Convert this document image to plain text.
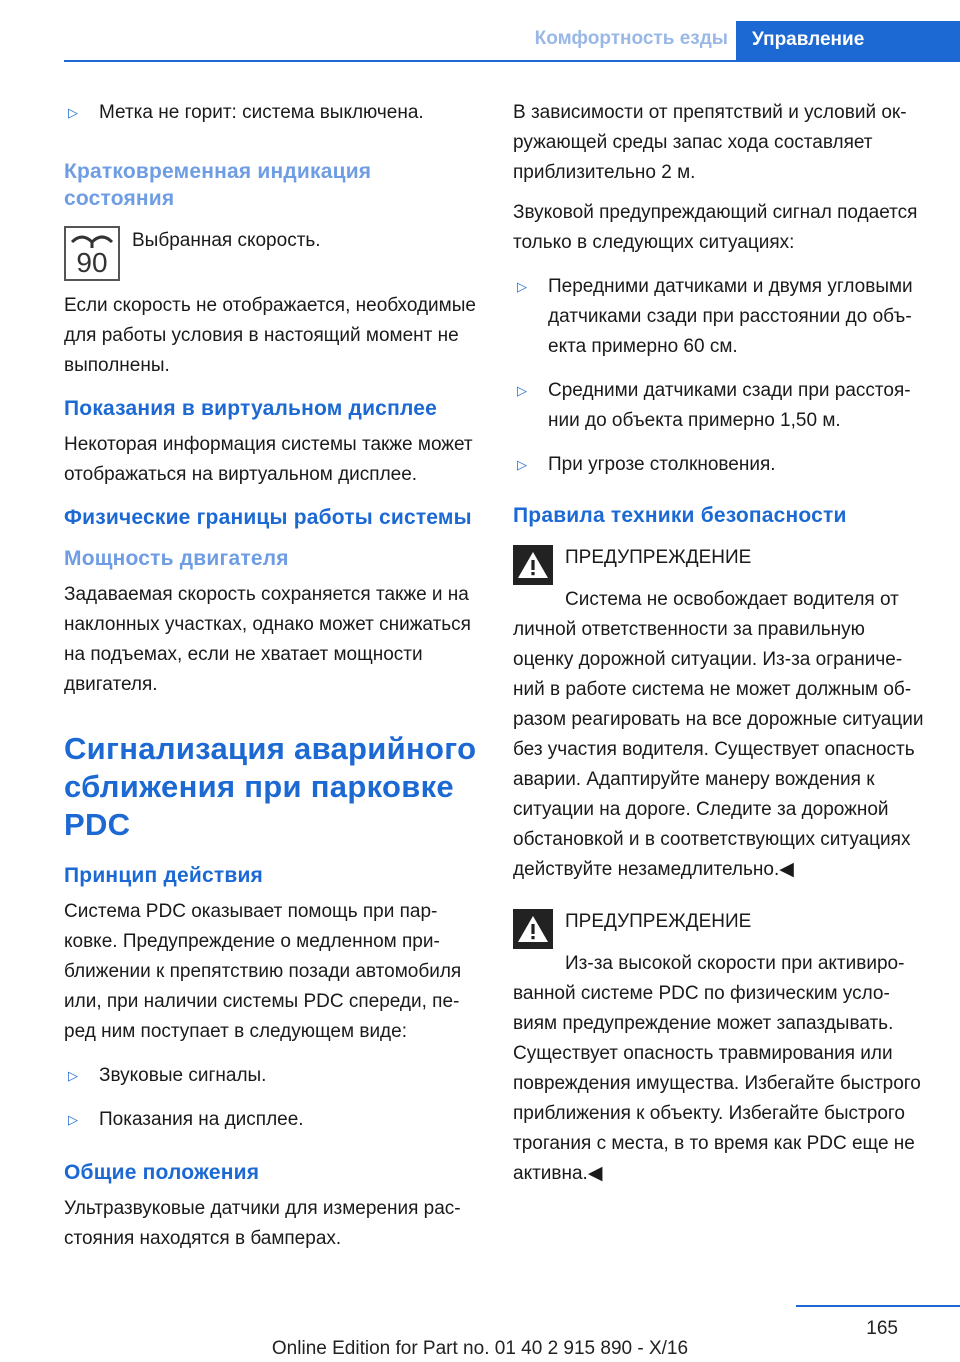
Комфортность езды	Управление
▷	Метка не горит: система выключена.
Кратковременная индикация состояния
90
Выбранная скорость.

Если скорость не отображается, необходимые для работы условия в настоящий момент не выполнены.

Показания в виртуальном дисплее

Некоторая информация системы также может отображаться на виртуальном дисплее.

Физические границы работы системы
Мощность двигателя

Задаваемая скорость сохраняется также и на наклонных участках, однако может снижаться на подъемах, если не хватает мощности двигателя.

Сигнализация аварийного сближения при парковке PDC
Принцип действия

Система PDC оказывает помощь при парковке. Предупреждение о медленном приближении к препятствию позади автомобиля или, при наличии системы PDC спереди, перед ним поступает в следующем виде:

▷	Звуковые сигналы.
▷	Показания на дисплее.
Общие положения

Ультразвуковые датчики для измерения расстояния находятся в бамперах.

В зависимости от препятствий и условий окружающей среды запас хода составляет приблизительно 2 м.

Звуковой предупреждающий сигнал подается только в следующих ситуациях:

▷	Передними датчиками и двумя угловыми датчиками сзади при расстоянии до объекта примерно 60 см.
▷	Средними датчиками сзади при расстоянии до объекта примерно 1,50 м.
▷	При угрозе столкновения.
Правила техники безопасности
ПРЕДУПРЕЖДЕНИЕ

Система не освобождает водителя от личной ответственности за правильную оценку дорожной ситуации. Из-за ограничений в работе система не может должным образом реагировать на все дорожные ситуации без участия водителя. Существует опасность аварии. Адаптируйте манеру вождения к ситуации на дороге. Следите за дорожной обстановкой и в соответствующих ситуациях действуйте незамедлительно.◀

ПРЕДУПРЕЖДЕНИЕ

Из-за высокой скорости при активированной системе PDC по физическим условиям предупреждение может запаздывать. Существует опасность травмирования или повреждения имущества. Избегайте быстрого приближения к объекту. Избегайте быстрого трогания с места, в то время как PDC еще не активна.◀

165
Online Edition for Part no. 01 40 2 915 890 - X/16
